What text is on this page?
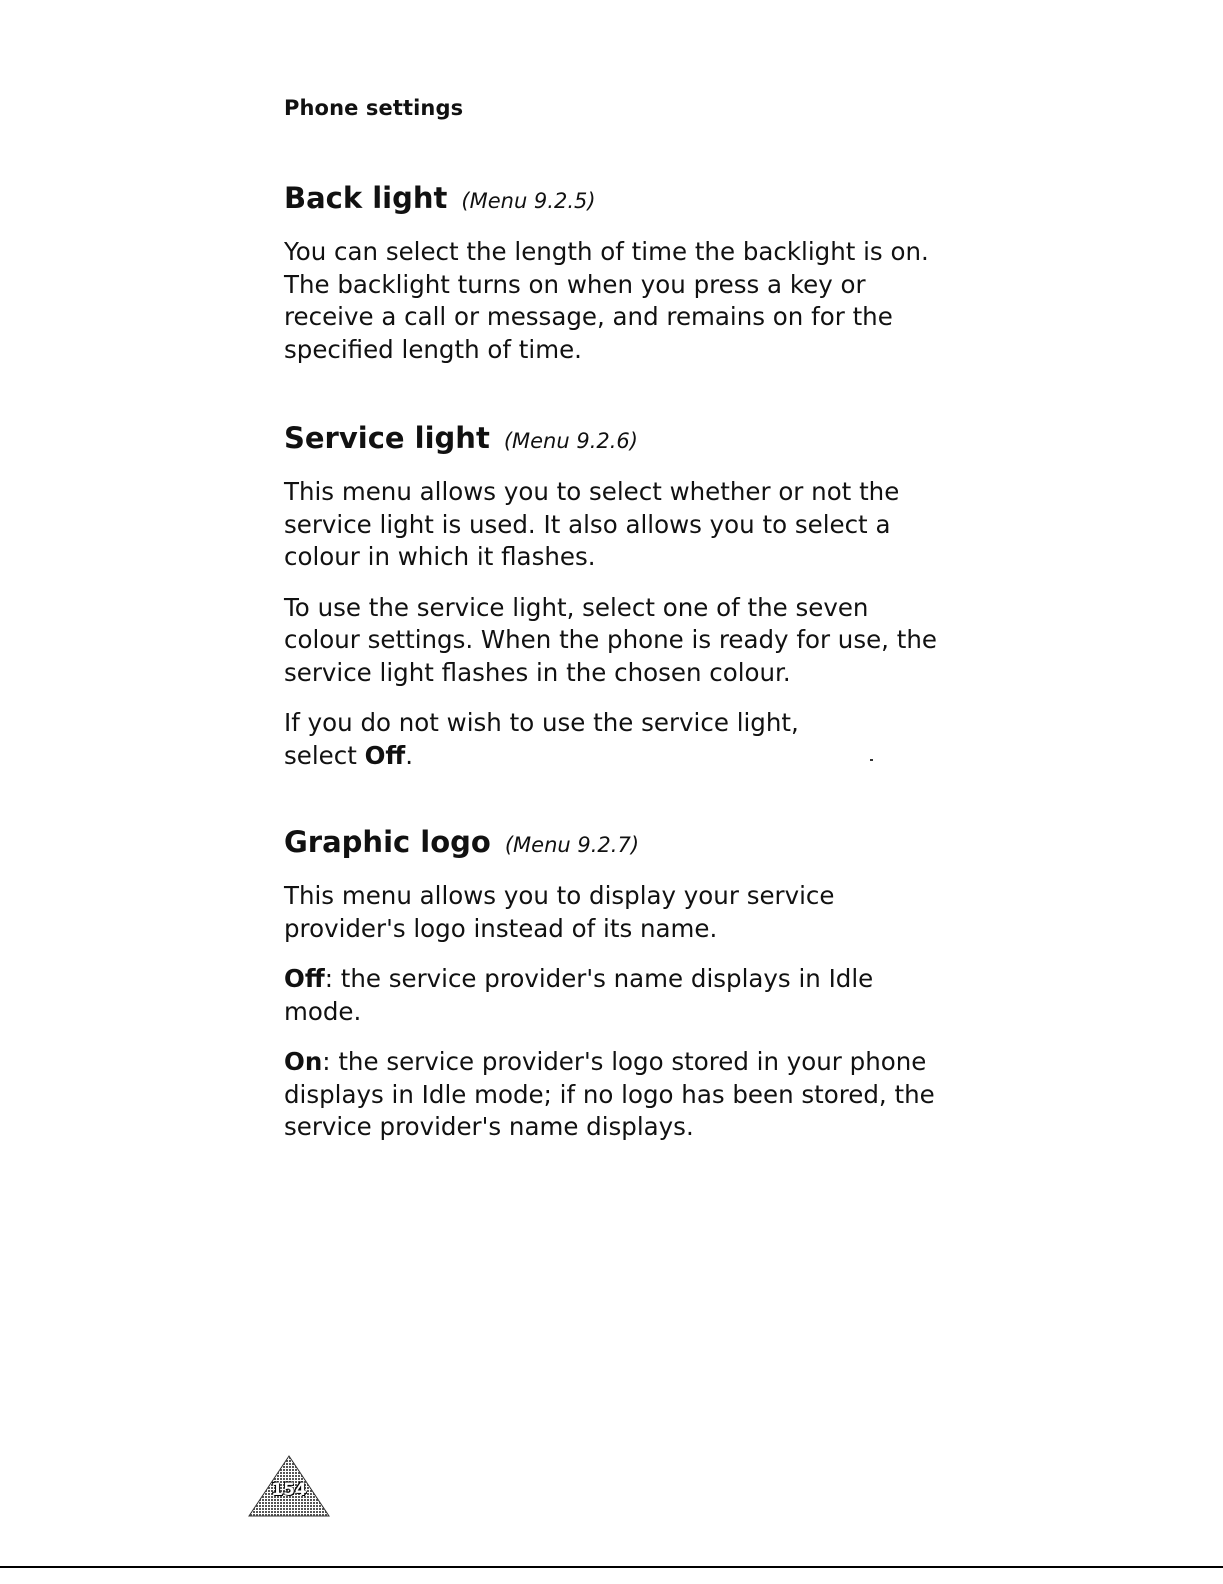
Phone settings
Back light (Menu 9.2.5)

You can select the length of time the backlight is on. The backlight turns on when you press a key or receive a call or message, and remains on for the specified length of time.

Service light (Menu 9.2.6)

This menu allows you to select whether or not the service light is used. It also allows you to select a colour in which it flashes.

To use the service light, select one of the seven colour settings. When the phone is ready for use, the service light flashes in the chosen colour.

If you do not wish to use the service light,
select Off.

Graphic logo (Menu 9.2.7)

This menu allows you to display your service provider's logo instead of its name.

Off: the service provider's name displays in Idle mode.

On: the service provider's logo stored in your phone displays in Idle mode; if no logo has been stored, the service provider's name displays.

154
